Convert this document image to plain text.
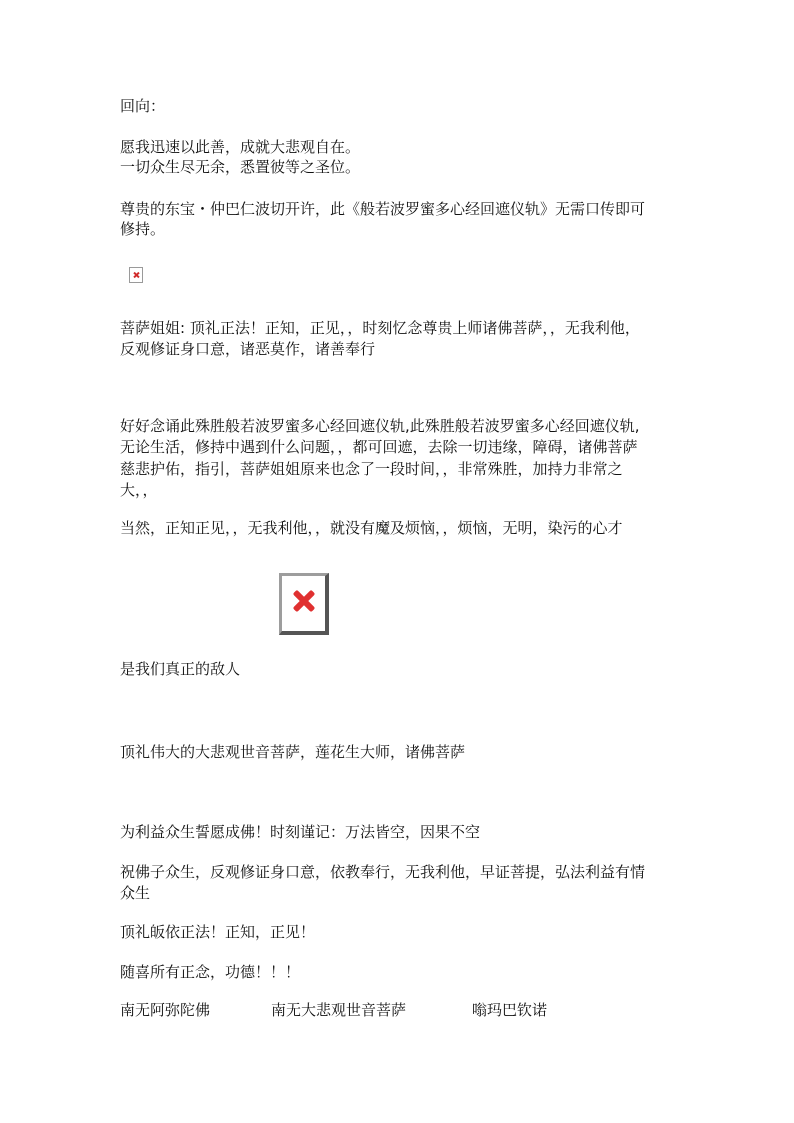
回向：
愿我迅速以此善，成就大悲观自在。
一切众生尽无余，悉置彼等之圣位。
尊贵的东宝・仲巴仁波切开许，此《般若波罗蜜多心经回遮仪轨》无需口传即可
修持。
菩萨姐姐: 顶礼正法！正知，正见，，时刻忆念尊贵上师诸佛菩萨，，无我利他，
反观修证身口意，诸恶莫作，诸善奉行
好好念诵此殊胜般若波罗蜜多心经回遮仪轨,此殊胜般若波罗蜜多心经回遮仪轨,
无论生活，修持中遇到什么问题，，都可回遮，去除一切违缘，障碍，诸佛菩萨
慈悲护佑，指引，菩萨姐姐原来也念了一段时间，，非常殊胜，加持力非常之
大，，
当然，正知正见，，无我利他，，就没有魔及烦恼，，烦恼，无明，染污的心才
是我们真正的敌人
顶礼伟大的大悲观世音菩萨，莲花生大师，诸佛菩萨
为利益众生誓愿成佛！时刻谨记：万法皆空，因果不空
祝佛子众生，反观修证身口意，依教奉行，无我利他，早证菩提，弘法利益有情
众生
顶礼皈依正法！正知，正见！
随喜所有正念，功德！！！
南无阿弥陀佛	南无大悲观世音菩萨	嗡玛巴钦诺
